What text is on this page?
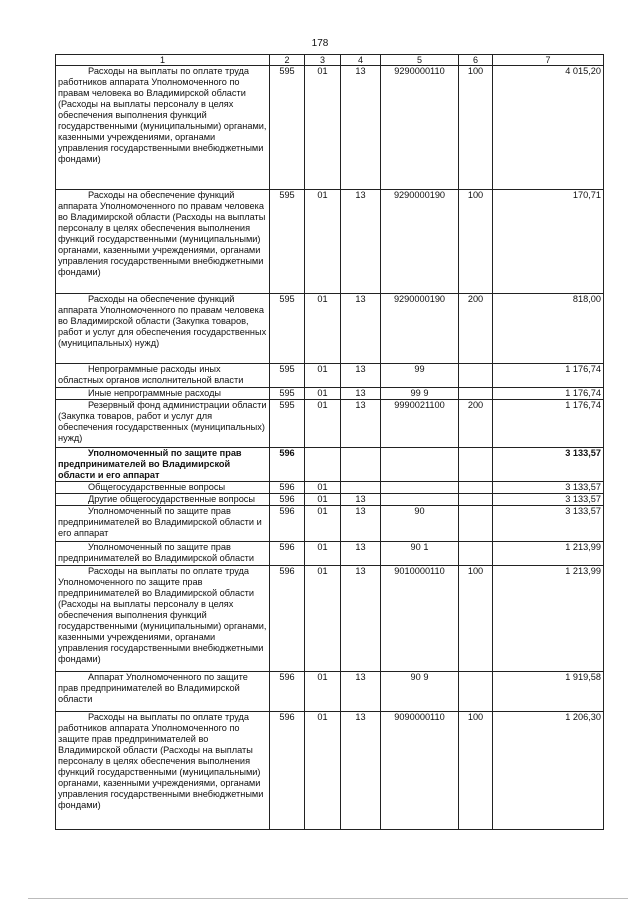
178
1	2	3	4	5	6	7
Расходы на выплаты по оплате труда работников аппарата Уполномоченного по правам человека во Владимирской области (Расходы на выплаты персоналу в целях обеспечения выполнения функций государственными (муниципальными) органами, казенными учреждениями, органами управления государственными внебюджетными фондами)	595	01	13	9290000110	100	4 015,20
Расходы на обеспечение функций аппарата Уполномоченного по правам человека во Владимирской области (Расходы на выплаты персоналу в целях обеспечения выполнения функций государственными (муниципальными) органами, казенными учреждениями, органами управления государственными внебюджетными фондами)	595	01	13	9290000190	100	170,71
Расходы на обеспечение функций аппарата Уполномоченного по правам человека во Владимирской области (Закупка товаров, работ и услуг для обеспечения государственных (муниципальных) нужд)	595	01	13	9290000190	200	818,00
Непрограммные расходы иных областных органов исполнительной власти	595	01	13	99		1 176,74
Иные непрограммные расходы	595	01	13	99 9		1 176,74
Резервный фонд администрации области (Закупка товаров, работ и услуг для обеспечения государственных (муниципальных) нужд)	595	01	13	9990021100	200	1 176,74
Уполномоченный по защите прав предпринимателей во Владимирской области и его аппарат	596					3 133,57
Общегосударственные вопросы	596	01				3 133,57
Другие общегосударственные вопросы	596	01	13			3 133,57
Уполномоченный по защите прав предпринимателей во Владимирской области и его аппарат	596	01	13	90		3 133,57
Уполномоченный по защите прав предпринимателей во Владимирской области	596	01	13	90 1		1 213,99
Расходы на выплаты по оплате труда Уполномоченного по защите прав предпринимателей во Владимирской области (Расходы на выплаты персоналу в целях обеспечения выполнения функций государственными (муниципальными) органами, казенными учреждениями, органами управления государственными внебюджетными фондами)	596	01	13	9010000110	100	1 213,99
Аппарат Уполномоченного по защите прав предпринимателей во Владимирской области	596	01	13	90 9		1 919,58
Расходы на выплаты по оплате труда работников аппарата Уполномоченного по защите прав предпринимателей во Владимирской области (Расходы на выплаты персоналу в целях обеспечения выполнения функций государственными (муниципальными) органами, казенными учреждениями, органами управления государственными внебюджетными фондами)	596	01	13	9090000110	100	1 206,30
